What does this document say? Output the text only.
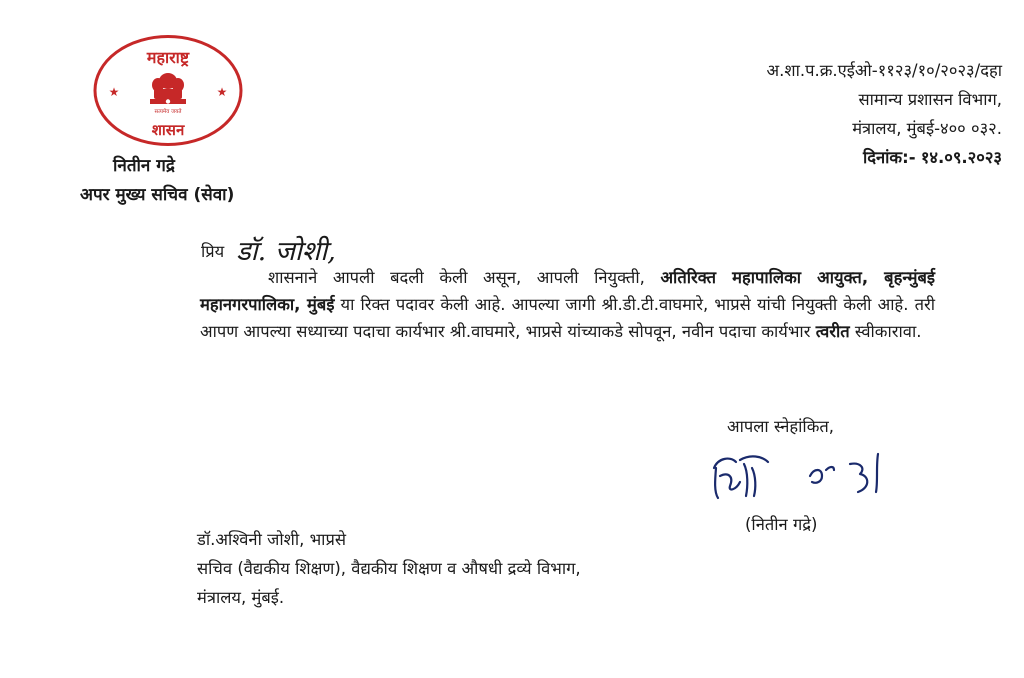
महाराष्ट्र
शासन
★	★
सत्यमेव जयते
नितीन गद्रे
अपर मुख्य सचिव (सेवा)
अ.शा.प.क्र.एईओ-११२३/१०/२०२३/दहा
सामान्य प्रशासन विभाग,
मंत्रालय, मुंबई-४०० ०३२.
दिनांक:- १४.०९.२०२३
प्रिय डॉ. जोशी,

शासनाने आपली बदली केली असून, आपली नियुक्ती, अतिरिक्त महापालिका आयुक्त, बृहन्मुंबई महानगरपालिका, मुंबई या रिक्त पदावर केली आहे. आपल्या जागी श्री.डी.टी.वाघमारे, भाप्रसे यांची नियुक्ती केली आहे. तरी आपण आपल्या सध्याच्या पदाचा कार्यभार श्री.वाघमारे, भाप्रसे यांच्याकडे सोपवून, नवीन पदाचा कार्यभार त्वरीत स्वीकारावा.

आपला स्नेहांकित,
(नितीन गद्रे)
डॉ.अश्विनी जोशी, भाप्रसे
सचिव (वैद्यकीय शिक्षण), वैद्यकीय शिक्षण व औषधी द्रव्ये विभाग,
मंत्रालय, मुंबई.
